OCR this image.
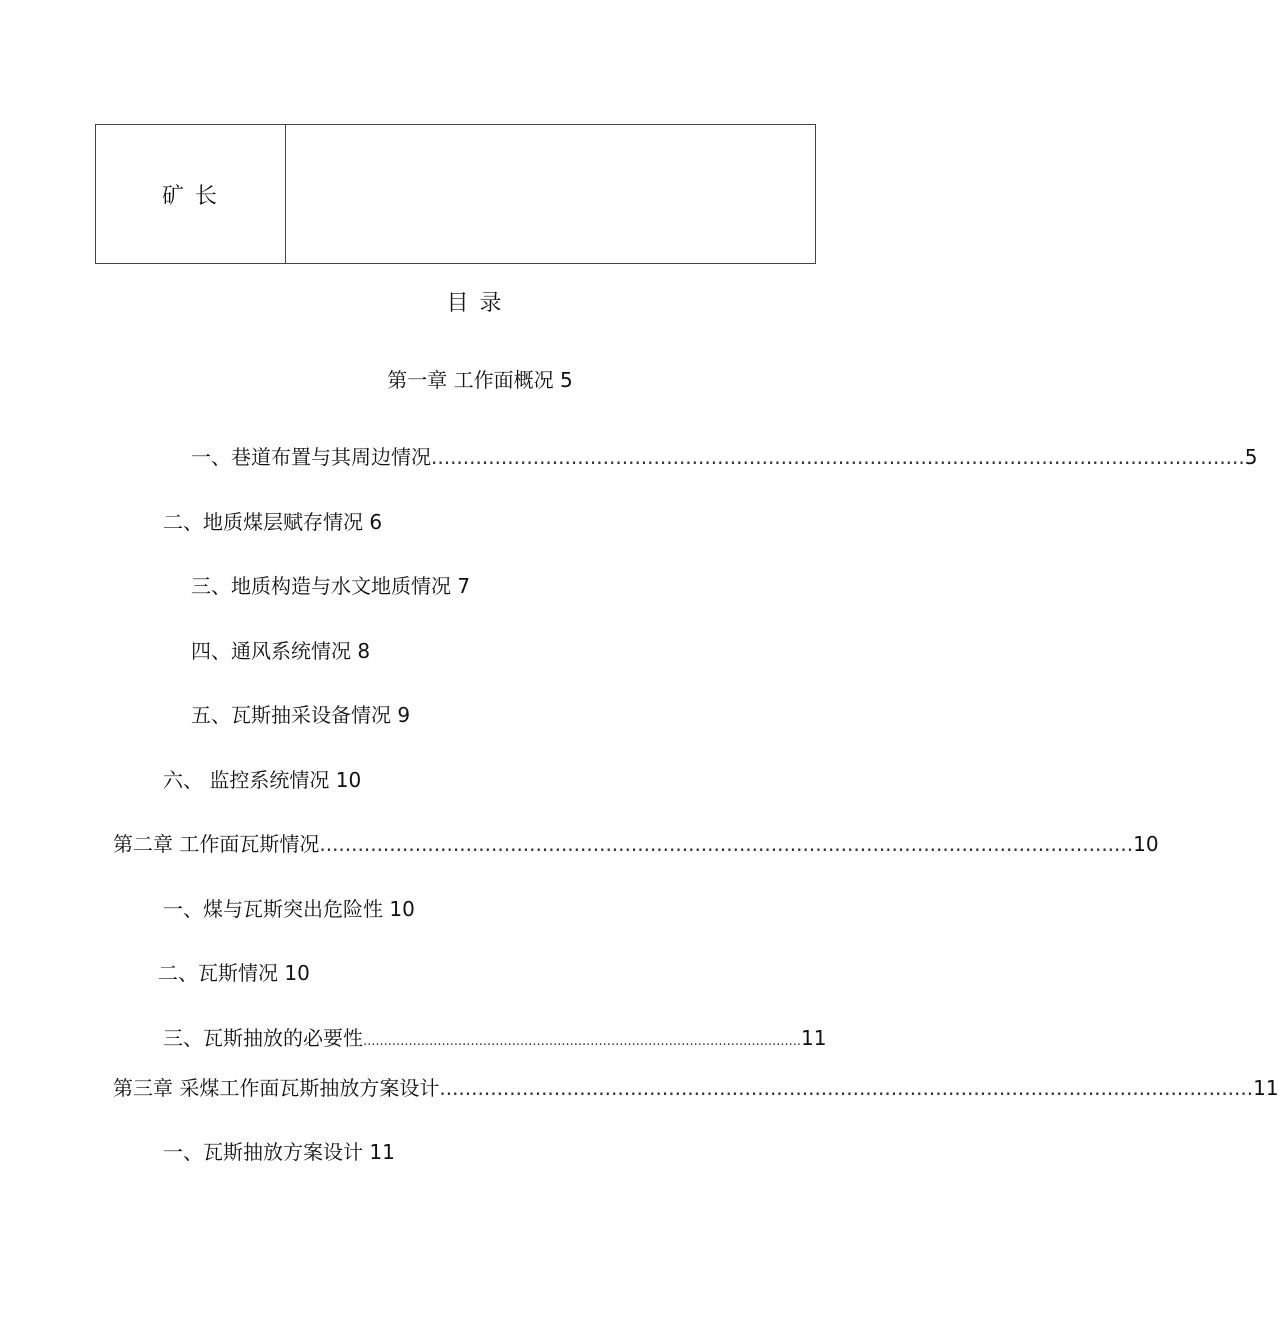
矿 长	
目 录
第一章 工作面概况 5
一、巷道布置与其周边情况 ................................................................................................................................ 5
二、地质煤层赋存情况 6
三、地质构造与水文地质情况 7
四、通风系统情况 8
五、瓦斯抽采设备情况 9
六、 监控系统情况 10
第二章 工作面瓦斯情况 ................................................................................................................................ 10
一、煤与瓦斯突出危险性 10
二、瓦斯情况 10
三、瓦斯抽放的必要性 .......................................................................................................... 11
第三章 采煤工作面瓦斯抽放方案设计 ................................................................................................................................ 11
一、瓦斯抽放方案设计 11
